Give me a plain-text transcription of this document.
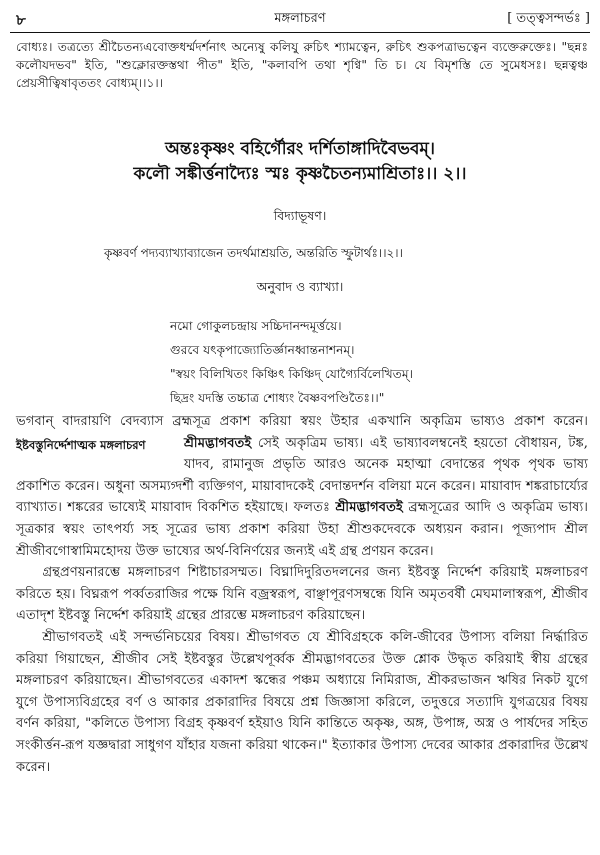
৮	মঙ্গলাচরণ	[ তত্ত্বসন্দর্ভঃ ]

বোধ্যঃ। তত্রত্যে শ্রীচৈতন্যএবোক্তধর্ম্মদর্শনাৎ অন্যেষু কলিযু রুচিৎ শ্যামত্বেন, রুচিৎ শুকপত্রাভত্বেন ব্যক্তেরুক্তেঃ। "ছন্নঃ কলৌযদভব" ইতি, "শুক্লোরক্তস্তথা পীত" ইতি, "কলাবপি তথা শৃণ্বি" তি চ। যে বিমৃশস্তি তে সুমেধসঃ। ছন্নত্বঞ্চ প্রেয়সীত্বিষাবৃততং বোধ্যম্।।১।।

অন্তঃকৃষ্ণং বহির্গৌরং দর্শিতাঙ্গাদিবৈভবম্।
কলৌ সঙ্কীর্ত্তনাদ্যৈঃ স্মঃ কৃষ্ণচৈতন্যমাশ্রিতাঃ।। ২।।
বিদ্যাভূষণ।
কৃষ্ণবর্ণ পদ্যব্যাখ্যাব্যাজেন তদর্থমাশ্রয়তি, অন্তরিতি স্ফুটার্থঃ।।২।।
অনুবাদ ও ব্যাখ্যা।
নমো গোকুলচন্দ্রায় সচ্চিদানন্দমূর্ত্তয়ে।
গুরবে যৎকৃপাজ্যোতির্জ্ঞানধ্বান্তনাশনম্।
"স্বয়ং বিলিখিতং কিঞ্চিৎ কিঞ্চিদ্ যোগ্যৈর্বিলেখিতম্।
ছিদ্রং যদস্তি তচ্চাত্র শোধ্যং বৈষ্ণবপণ্ডিতৈঃ।।"

ভগবান্ বাদরায়ণি বেদব্যাস ব্রহ্মসূত্র প্রকাশ করিয়া স্বয়ং উহার একখানি অকৃত্রিম ভাষ্যও প্রকাশ করেন।
ইষ্টবস্তুনির্দ্দেশাত্মক মঙ্গলাচরণ	শ্রীমদ্ভাগবতই সেই অকৃত্রিম ভাষ্য। এই ভাষ্যাবলম্বনেই হয়তো বৌধায়ন, টঙ্ক, যাদব, রামানুজ প্রভৃতি আরও অনেক মহাত্মা বেদান্তের পৃথক পৃথক ভাষ্য প্রকাশিত করেন। অধুনা অসম্যগ্দর্শী ব্যক্তিগণ, মায়াবাদকেই বেদান্তদর্শন বলিয়া মনে করেন। মায়াবাদ শঙ্করাচার্য্যের ব্যাখ্যাত। শঙ্করের ভাষ্যেই মায়াবাদ বিকশিত হইয়াছে। ফলতঃ শ্রীমদ্ভাগবতই ব্রহ্মসূত্রের আদি ও অকৃত্রিম ভাষ্য। সূত্রকার স্বয়ং তাৎপর্য্য সহ সূত্রের ভাষ্য প্রকাশ করিয়া উহা শ্রীশুকদেবকে অধ্যয়ন করান। পূজ্যপাদ শ্রীল শ্রীজীবগোস্বামিমহোদয় উক্ত ভাষ্যের অর্থ-বিনির্ণয়ের জন্যই এই গ্রন্থ প্রণয়ন করেন।

গ্রন্থপ্রণয়নারম্ভে মঙ্গলাচরণ শিষ্টাচারসম্মত। বিঘ্নাদিদুরিতদলনের জন্য ইষ্টবস্তু নির্দ্দেশ করিয়াই মঙ্গলাচরণ করিতে হয়। বিঘ্নরূপ পর্ব্বতরাজির পক্ষে যিনি বজ্রস্বরূপ, বাঞ্ছাপূরণসম্বন্ধে যিনি অমৃতবর্ষী মেঘমালাস্বরূপ, শ্রীজীব এতাদৃশ ইষ্টবস্তু নির্দ্দেশ করিয়াই গ্রন্থের প্রারম্ভে মঙ্গলাচরণ করিয়াছেন।

শ্রীভাগবতই এই সন্দর্ভনিচয়ের বিষয়। শ্রীভাগবত যে শ্রীবিগ্রহকে কলি-জীবের উপাস্য বলিয়া নির্দ্ধারিত করিয়া গিয়াছেন, শ্রীজীব সেই ইষ্টবস্তুর উল্লেখপূর্ব্বক শ্রীমদ্ভাগবতের উক্ত শ্লোক উদ্ধৃত করিয়াই স্বীয় গ্রন্থের মঙ্গলাচরণ করিয়াছেন। শ্রীভাগবতের একাদশ স্কন্ধের পঞ্চম অধ্যায়ে নিমিরাজ, শ্রীকরভাজন ঋষির নিকট যুগে যুগে উপাস্যবিগ্রহের বর্ণ ও আকার প্রকারাদির বিষয়ে প্রশ্ন জিজ্ঞাসা করিলে, তদুত্তরে সত্যাদি যুগত্রয়ের বিষয় বর্ণন করিয়া, "কলিতে উপাস্য বিগ্রহ কৃষ্ণবর্ণ হইয়াও যিনি কান্তিতে অকৃষ্ণ, অঙ্গ, উপাঙ্গ, অস্ত্র ও পার্ষদের সহিত সংকীর্ত্তন-রূপ যজ্ঞদ্বারা সাধুগণ যাঁহার যজনা করিয়া থাকেন।" ইত্যাকার উপাস্য দেবের আকার প্রকারাদির উল্লেখ করেন।
